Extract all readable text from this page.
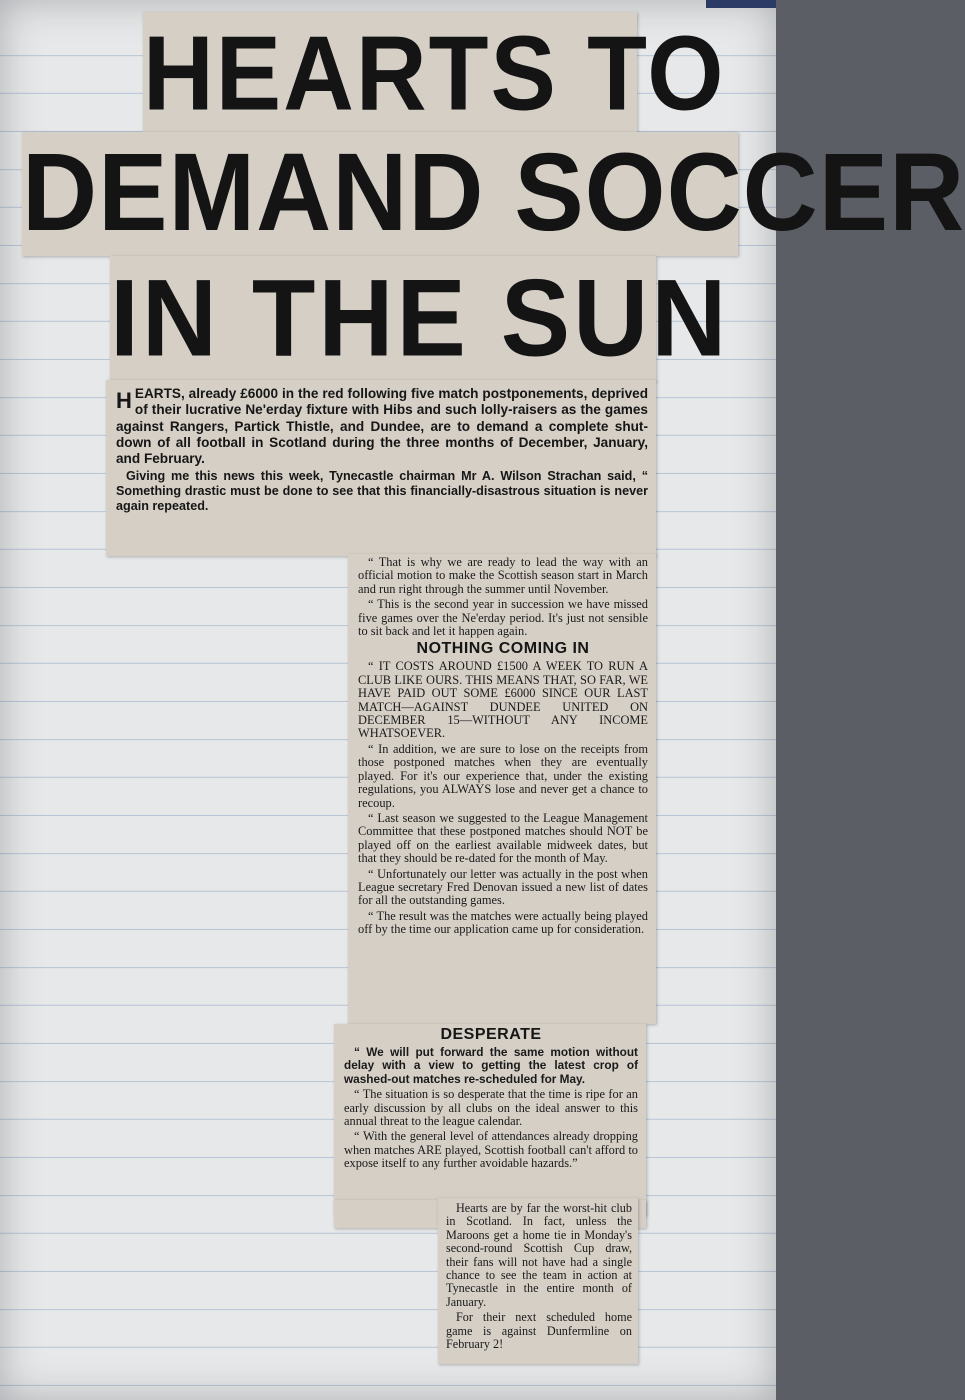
HEARTS TO
DEMAND SOCCER
IN THE SUN

HEARTS, already £6000 in the red following five match postponements, deprived of their lucrative Ne'erday fixture with Hibs and such lolly-raisers as the games against Rangers, Partick Thistle, and Dundee, are to demand a complete shut-down of all football in Scotland during the three months of December, January, and February.

Giving me this news this week, Tynecastle chairman Mr A. Wilson Strachan said, “ Something drastic must be done to see that this financially-disastrous situation is never again repeated.

“ That is why we are ready to lead the way with an official motion to make the Scottish season start in March and run right through the summer until November.

“ This is the second year in succession we have missed five games over the Ne'erday period. It's just not sensible to sit back and let it happen again.

NOTHING COMING IN

“ IT COSTS AROUND £1500 A WEEK TO RUN A CLUB LIKE OURS. THIS MEANS THAT, SO FAR, WE HAVE PAID OUT SOME £6000 SINCE OUR LAST MATCH—AGAINST DUNDEE UNITED ON DECEMBER 15—WITHOUT ANY INCOME WHATSOEVER.

“ In addition, we are sure to lose on the receipts from those postponed matches when they are eventually played. For it's our experience that, under the existing regulations, you ALWAYS lose and never get a chance to recoup.

“ Last season we suggested to the League Management Committee that these postponed matches should NOT be played off on the earliest available midweek dates, but that they should be re-dated for the month of May.

“ Unfortunately our letter was actually in the post when League secretary Fred Denovan issued a new list of dates for all the outstanding games.

“ The result was the matches were actually being played off by the time our application came up for consideration.

DESPERATE

“ We will put forward the same motion without delay with a view to getting the latest crop of washed-out matches re-scheduled for May.

“ The situation is so desperate that the time is ripe for an early discussion by all clubs on the ideal answer to this annual threat to the league calendar.

“ With the general level of attendances already dropping when matches ARE played, Scottish football can't afford to expose itself to any further avoidable hazards.”

Hearts are by far the worst-hit club in Scotland. In fact, unless the Maroons get a home tie in Monday's second-round Scottish Cup draw, their fans will not have had a single chance to see the team in action at Tynecastle in the entire month of January.

For their next scheduled home game is against Dunfermline on February 2!
